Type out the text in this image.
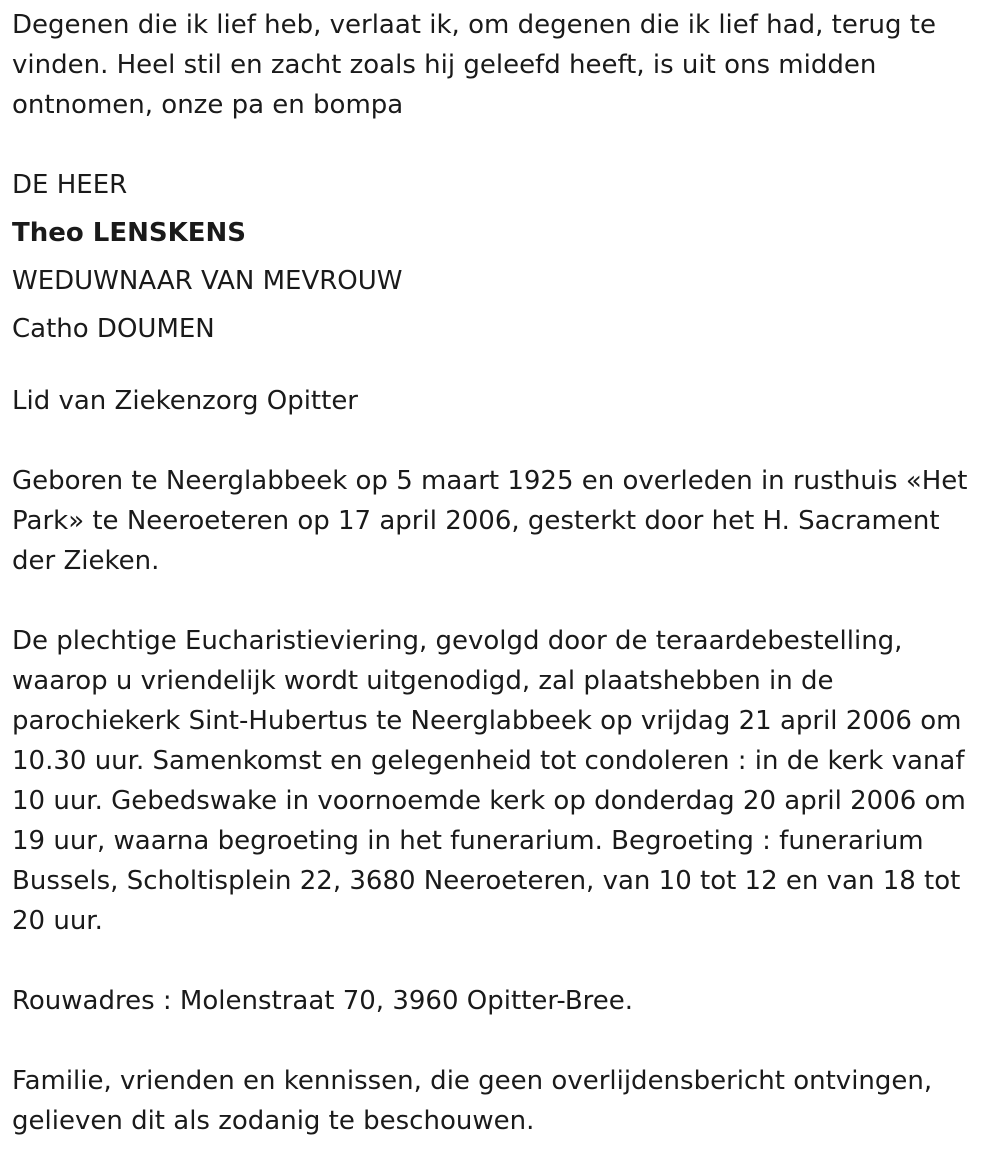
Degenen die ik lief heb, verlaat ik, om degenen die ik lief had, terug te vinden. Heel stil en zacht zoals hij geleefd heeft, is uit ons midden ontnomen, onze pa en bompa

DE HEER
Theo LENSKENS
WEDUWNAAR VAN MEVROUW
Catho DOUMEN

Lid van Ziekenzorg Opitter

Geboren te Neerglabbeek op 5 maart 1925 en overleden in rusthuis «Het Park» te Neeroeteren op 17 april 2006, gesterkt door het H. Sacrament der Zieken.

De plechtige Eucharistieviering, gevolgd door de teraardebestelling, waarop u vriendelijk wordt uitgenodigd, zal plaatshebben in de parochiekerk Sint-Hubertus te Neerglabbeek op vrijdag 21 april 2006 om 10.30 uur. Samenkomst en gelegenheid tot condoleren : in de kerk vanaf 10 uur. Gebedswake in voornoemde kerk op donderdag 20 april 2006 om 19 uur, waarna begroeting in het funerarium. Begroeting : funerarium Bussels, Scholtisplein 22, 3680 Neeroeteren, van 10 tot 12 en van 18 tot 20 uur.

Rouwadres : Molenstraat 70, 3960 Opitter-Bree.

Familie, vrienden en kennissen, die geen overlijdensbericht ontvingen, gelieven dit als zodanig te beschouwen.
